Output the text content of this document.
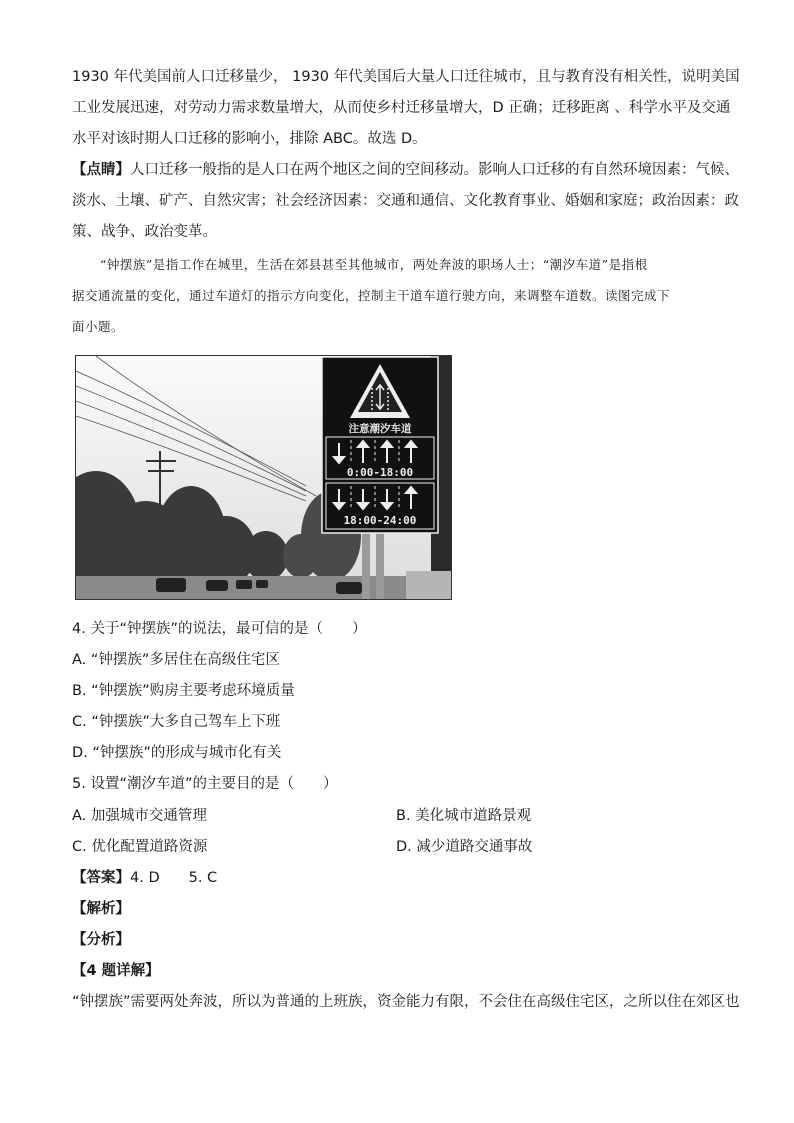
1930 年代美国前人口迁移量少， 1930 年代美国后大量人口迁往城市，且与教育没有相关性，说明美国
工业发展迅速，对劳动力需求数量增大，从而使乡村迁移量增大，D 正确；迁移距离 、科学水平及交通
水平对该时期人口迁移的影响小，排除 ABC。故选 D。
【点睛】人口迁移一般指的是人口在两个地区之间的空间移动。影响人口迁移的有自然环境因素：气候、
淡水、土壤、矿产、自然灾害；社会经济因素：交通和通信、文化教育事业、婚姻和家庭；政治因素：政
策、战争、政治变革。
“钟摆族”是指工作在城里，生活在郊县甚至其他城市，两处奔波的职场人士；“潮汐车道”是指根
据交通流量的变化，通过车道灯的指示方向变化，控制主干道车道行驶方向，来调整车道数。读图完成下
面小题。
注意潮汐车道
0:00-18:00
18:00-24:00
4. 关于“钟摆族”的说法，最可信的是（　　）
A. “钟摆族”多居住在高级住宅区
B. “钟摆族”购房主要考虑环境质量
C. “钟摆族”大多自己驾车上下班
D. “钟摆族”的形成与城市化有关
5. 设置“潮汐车道”的主要目的是（　　）
A. 加强城市交通管理	B. 美化城市道路景观
C. 优化配置道路资源	D. 减少道路交通事故
【答案】4. D　　5. C
【解析】
【分析】
【4 题详解】
“钟摆族”需要两处奔波，所以为普通的上班族，资金能力有限，不会住在高级住宅区，之所以住在郊区也
